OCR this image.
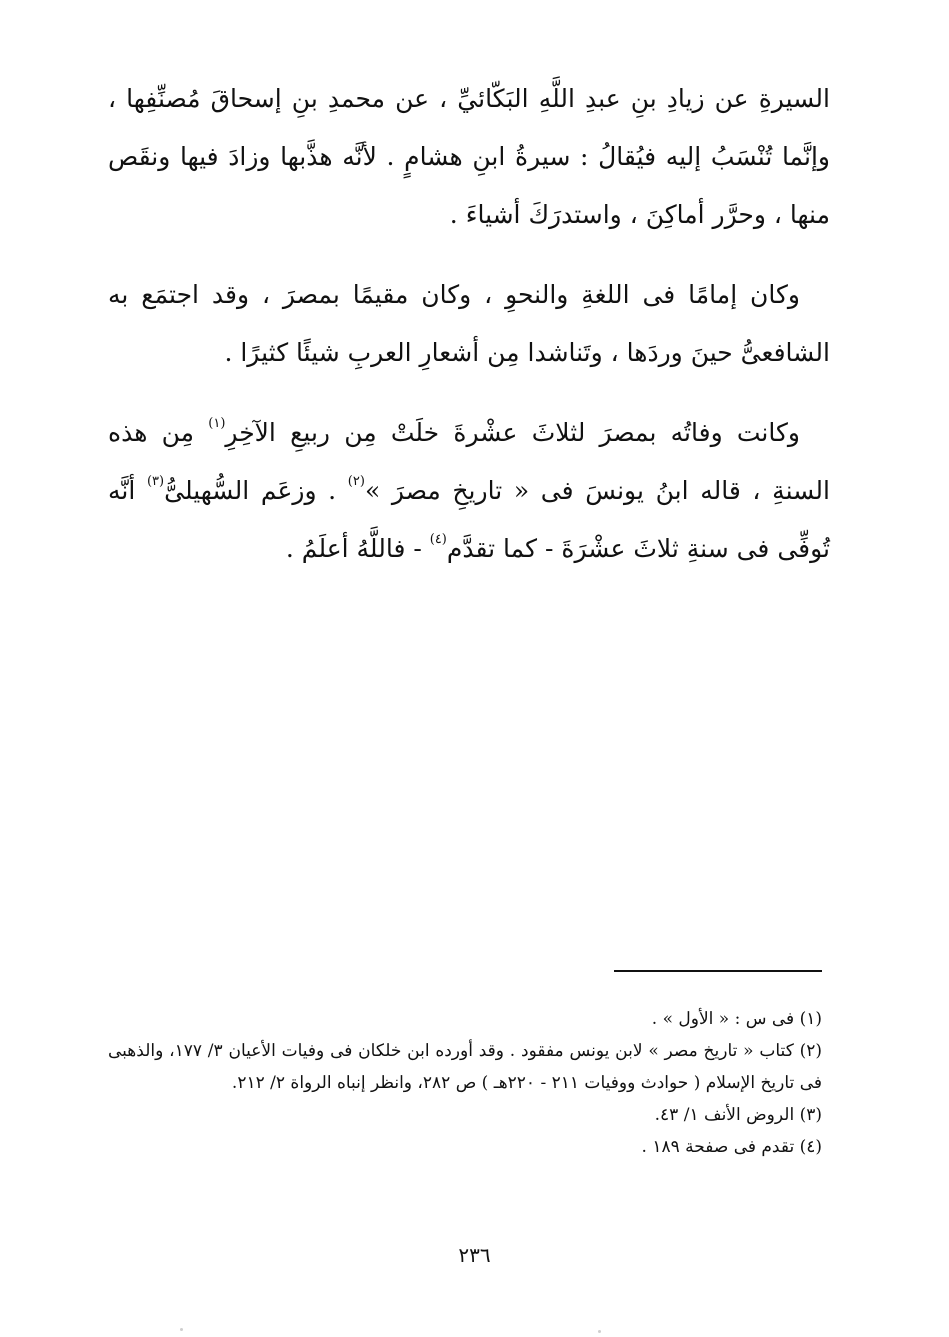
السيرةِ عن زيادِ بنِ عبدِ اللَّهِ البَكّائيِّ ، عن محمدِ بنِ إسحاقَ مُصنِّفِها ، وإنَّما تُنْسَبُ إليه فيُقالُ : سيرةُ ابنِ هشامٍ . لأنَّه هذَّبها وزادَ فيها ونقَص منها ، وحرَّر أماكِنَ ، واستدرَكَ أشياءَ .

وكان إمامًا فى اللغةِ والنحوِ ، وكان مقيمًا بمصرَ ، وقد اجتمَع به الشافعىُّ حينَ وردَها ، وتَناشدا مِن أشعارِ العربِ شيئًا كثيرًا .

وكانت وفاتُه بمصرَ لثلاثَ عشْرةَ خلَتْ مِن ربيعِ الآخِرِ$^{(١)}$ مِن هذه السنةِ ، قاله ابنُ يونسَ فى « تاريخِ مصرَ »$^{(٢)}$ . وزعَم السُّهيلىُّ$^{(٣)}$ أنَّه تُوفِّى فى سنةِ ثلاثَ عشْرَةَ - كما تقدَّم$^{(٤)}$ - فاللَّهُ أعلَمُ .

(١) فى س : « الأول » .

(٢) كتاب « تاريخ مصر » لابن يونس مفقود . وقد أورده ابن خلكان فى وفيات الأعيان ٣/ ١٧٧، والذهبى فى تاريخ الإسلام ( حوادث ووفيات ٢١١ - ٢٢٠هـ ) ص ٢٨٢، وانظر إنباه الرواة ٢/ ٢١٢.

(٣) الروض الأنف ١/ ٤٣.

(٤) تقدم فى صفحة ١٨٩ .

٢٣٦
